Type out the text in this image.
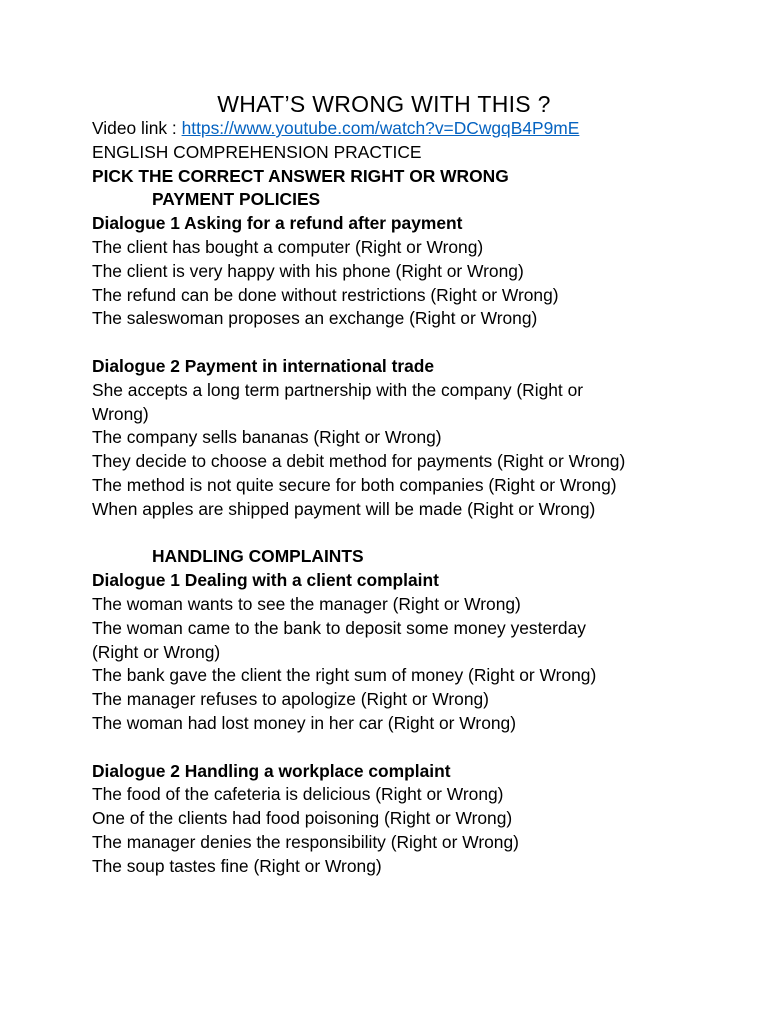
WHAT’S WRONG WITH THIS ?
Video link : https://www.youtube.com/watch?v=DCwgqB4P9mE
ENGLISH COMPREHENSION PRACTICE
PICK THE CORRECT ANSWER RIGHT OR WRONG
PAYMENT POLICIES
Dialogue 1 Asking for a refund after payment
The client has bought a computer (Right or Wrong)
The client is very happy with his phone (Right or Wrong)
The refund can be done without restrictions (Right or Wrong)
The saleswoman proposes an exchange (Right or Wrong)
Dialogue 2 Payment in international trade
She accepts a long term partnership with the company (Right or Wrong)
The company sells bananas (Right or Wrong)
They decide to choose a debit method for payments (Right or Wrong)
The method is not quite secure for both companies (Right or Wrong)
When apples are shipped payment will be made (Right or Wrong)
HANDLING COMPLAINTS
Dialogue 1 Dealing with a client complaint
The woman wants to see the manager (Right or Wrong)
The woman came to the bank to deposit some money yesterday (Right or Wrong)
The bank gave the client the right sum of money (Right or Wrong)
The manager refuses to apologize (Right or Wrong)
The woman had lost money in her car (Right or Wrong)
Dialogue 2 Handling a workplace complaint
The food of the cafeteria is delicious (Right or Wrong)
One of the clients had food poisoning (Right or Wrong)
The manager denies the responsibility (Right or Wrong)
The soup tastes fine (Right or Wrong)
